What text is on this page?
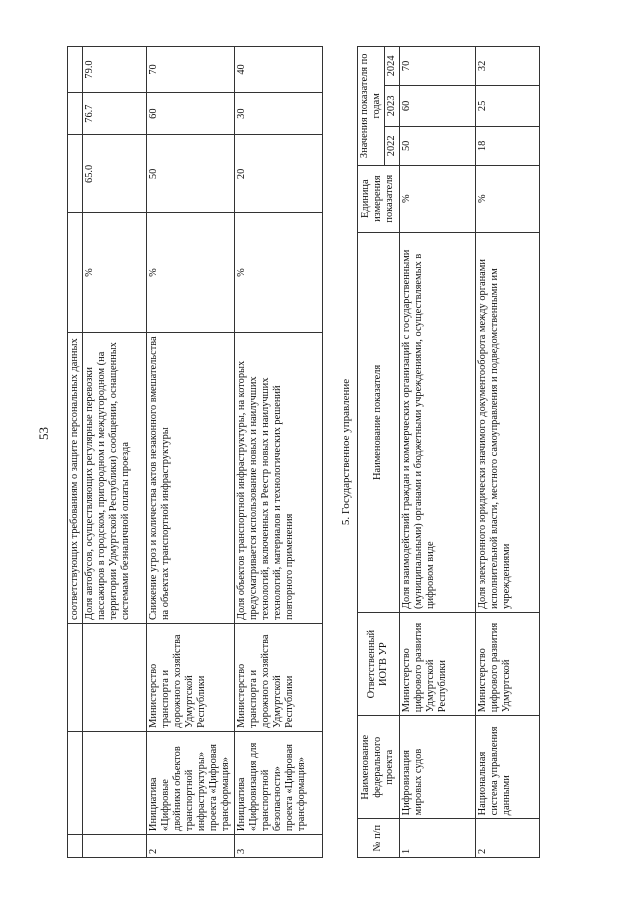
53
			соответствующих требованиям о защите персональных данных				
			Доля автобусов, осуществляющих регулярные перевозки пассажиров в городском, пригородном и междугородном (на территории Удмуртской Республики) сообщении, оснащенных системами безналичной оплаты проезда	%	65.0	76.7	79.0
2	Инициатива «Цифровые двойники объектов транспортной инфраструктуры» проекта «Цифровая трансформация»	Министерство транспорта и дорожного хозяйства Удмуртской Республики	Снижение угроз и количества актов незаконного вмешательства на объектах транспортной инфраструктуры	%	50	60	70
3	Инициатива «Цифровизация для транспортной безопасности» проекта «Цифровая трансформация»	Министерство транспорта и дорожного хозяйства Удмуртской Республики	Доля объектов транспортной инфраструктуры, на которых предусматривается использование новых и наилучших технологий, включенных в Реестр новых и наилучших технологий, материалов и технологических решений повторного применения	%	20	30	40
5. Государственное управление
№ п/п	Наименование федерального проекта	Ответственный ИОГВ УР	Наименование показателя	Единица измерения показателя	Значения показателя по годам		
					2022	2023	2024
1	Цифровизация мировых судов	Министерство цифрового развития Удмуртской Республики	Доля взаимодействий граждан и коммерческих организаций с государственными (муниципальными) органами и бюджетными учреждениями, осуществляемых в цифровом виде	%	50	60	70
2	Национальная система управления данными	Министерство цифрового развития Удмуртской	Доля электронного юридически значимого документооборота между органами исполнительной власти, местного самоуправления и подведомственными им учреждениями	%	18	25	32
